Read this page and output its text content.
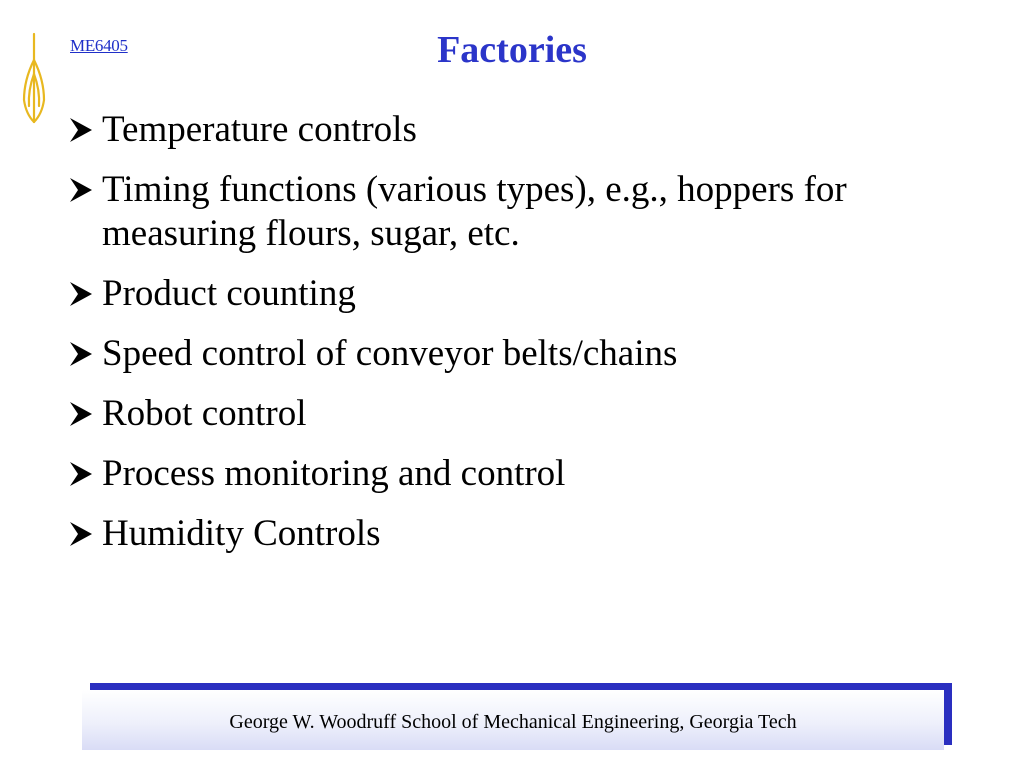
ME6405	Factories
Temperature controls
Timing functions (various types), e.g., hoppers for measuring flours, sugar, etc.
Product counting
Speed control of conveyor belts/chains
Robot control
Process monitoring and control
Humidity Controls
George W. Woodruff School of Mechanical Engineering, Georgia Tech
